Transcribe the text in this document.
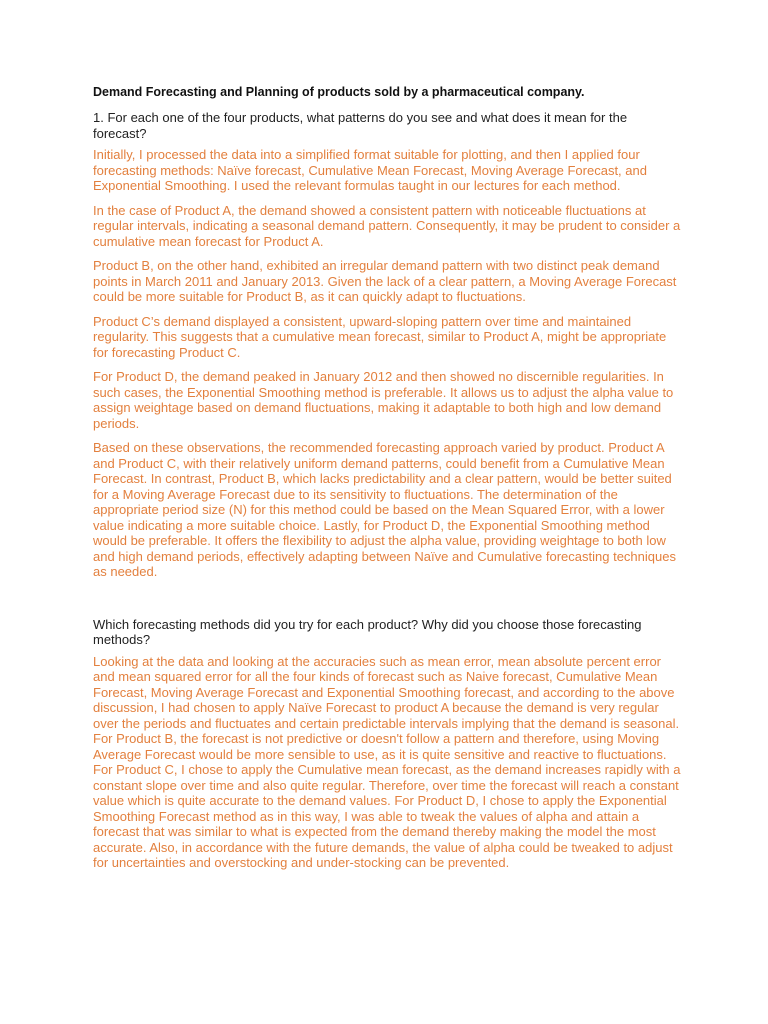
Demand Forecasting and Planning of products sold by a pharmaceutical company.

1. For each one of the four products, what patterns do you see and what does it mean for the forecast?

Initially, I processed the data into a simplified format suitable for plotting, and then I applied four forecasting methods: Naïve forecast, Cumulative Mean Forecast, Moving Average Forecast, and Exponential Smoothing. I used the relevant formulas taught in our lectures for each method.

In the case of Product A, the demand showed a consistent pattern with noticeable fluctuations at regular intervals, indicating a seasonal demand pattern. Consequently, it may be prudent to consider a cumulative mean forecast for Product A.

Product B, on the other hand, exhibited an irregular demand pattern with two distinct peak demand points in March 2011 and January 2013. Given the lack of a clear pattern, a Moving Average Forecast could be more suitable for Product B, as it can quickly adapt to fluctuations.

Product C’s demand displayed a consistent, upward-sloping pattern over time and maintained regularity. This suggests that a cumulative mean forecast, similar to Product A, might be appropriate for forecasting Product C.

For Product D, the demand peaked in January 2012 and then showed no discernible regularities. In such cases, the Exponential Smoothing method is preferable. It allows us to adjust the alpha value to assign weightage based on demand fluctuations, making it adaptable to both high and low demand periods.

Based on these observations, the recommended forecasting approach varied by product. Product A and Product C, with their relatively uniform demand patterns, could benefit from a Cumulative Mean Forecast. In contrast, Product B, which lacks predictability and a clear pattern, would be better suited for a Moving Average Forecast due to its sensitivity to fluctuations. The determination of the appropriate period size (N) for this method could be based on the Mean Squared Error, with a lower value indicating a more suitable choice. Lastly, for Product D, the Exponential Smoothing method would be preferable. It offers the flexibility to adjust the alpha value, providing weightage to both low and high demand periods, effectively adapting between Naïve and Cumulative forecasting techniques as needed.

Which forecasting methods did you try for each product? Why did you choose those forecasting methods?

Looking at the data and looking at the accuracies such as mean error, mean absolute percent error and mean squared error for all the four kinds of forecast such as Naive forecast, Cumulative Mean Forecast, Moving Average Forecast and Exponential Smoothing forecast, and according to the above discussion, I had chosen to apply Naïve Forecast to product A because the demand is very regular over the periods and fluctuates and certain predictable intervals implying that the demand is seasonal. For Product B, the forecast is not predictive or doesn't follow a pattern and therefore, using Moving Average Forecast would be more sensible to use, as it is quite sensitive and reactive to fluctuations. For Product C, I chose to apply the Cumulative mean forecast, as the demand increases rapidly with a constant slope over time and also quite regular. Therefore, over time the forecast will reach a constant value which is quite accurate to the demand values. For Product D, I chose to apply the Exponential Smoothing Forecast method as in this way, I was able to tweak the values of alpha and attain a forecast that was similar to what is expected from the demand thereby making the model the most accurate. Also, in accordance with the future demands, the value of alpha could be tweaked to adjust for uncertainties and overstocking and under-stocking can be prevented.
